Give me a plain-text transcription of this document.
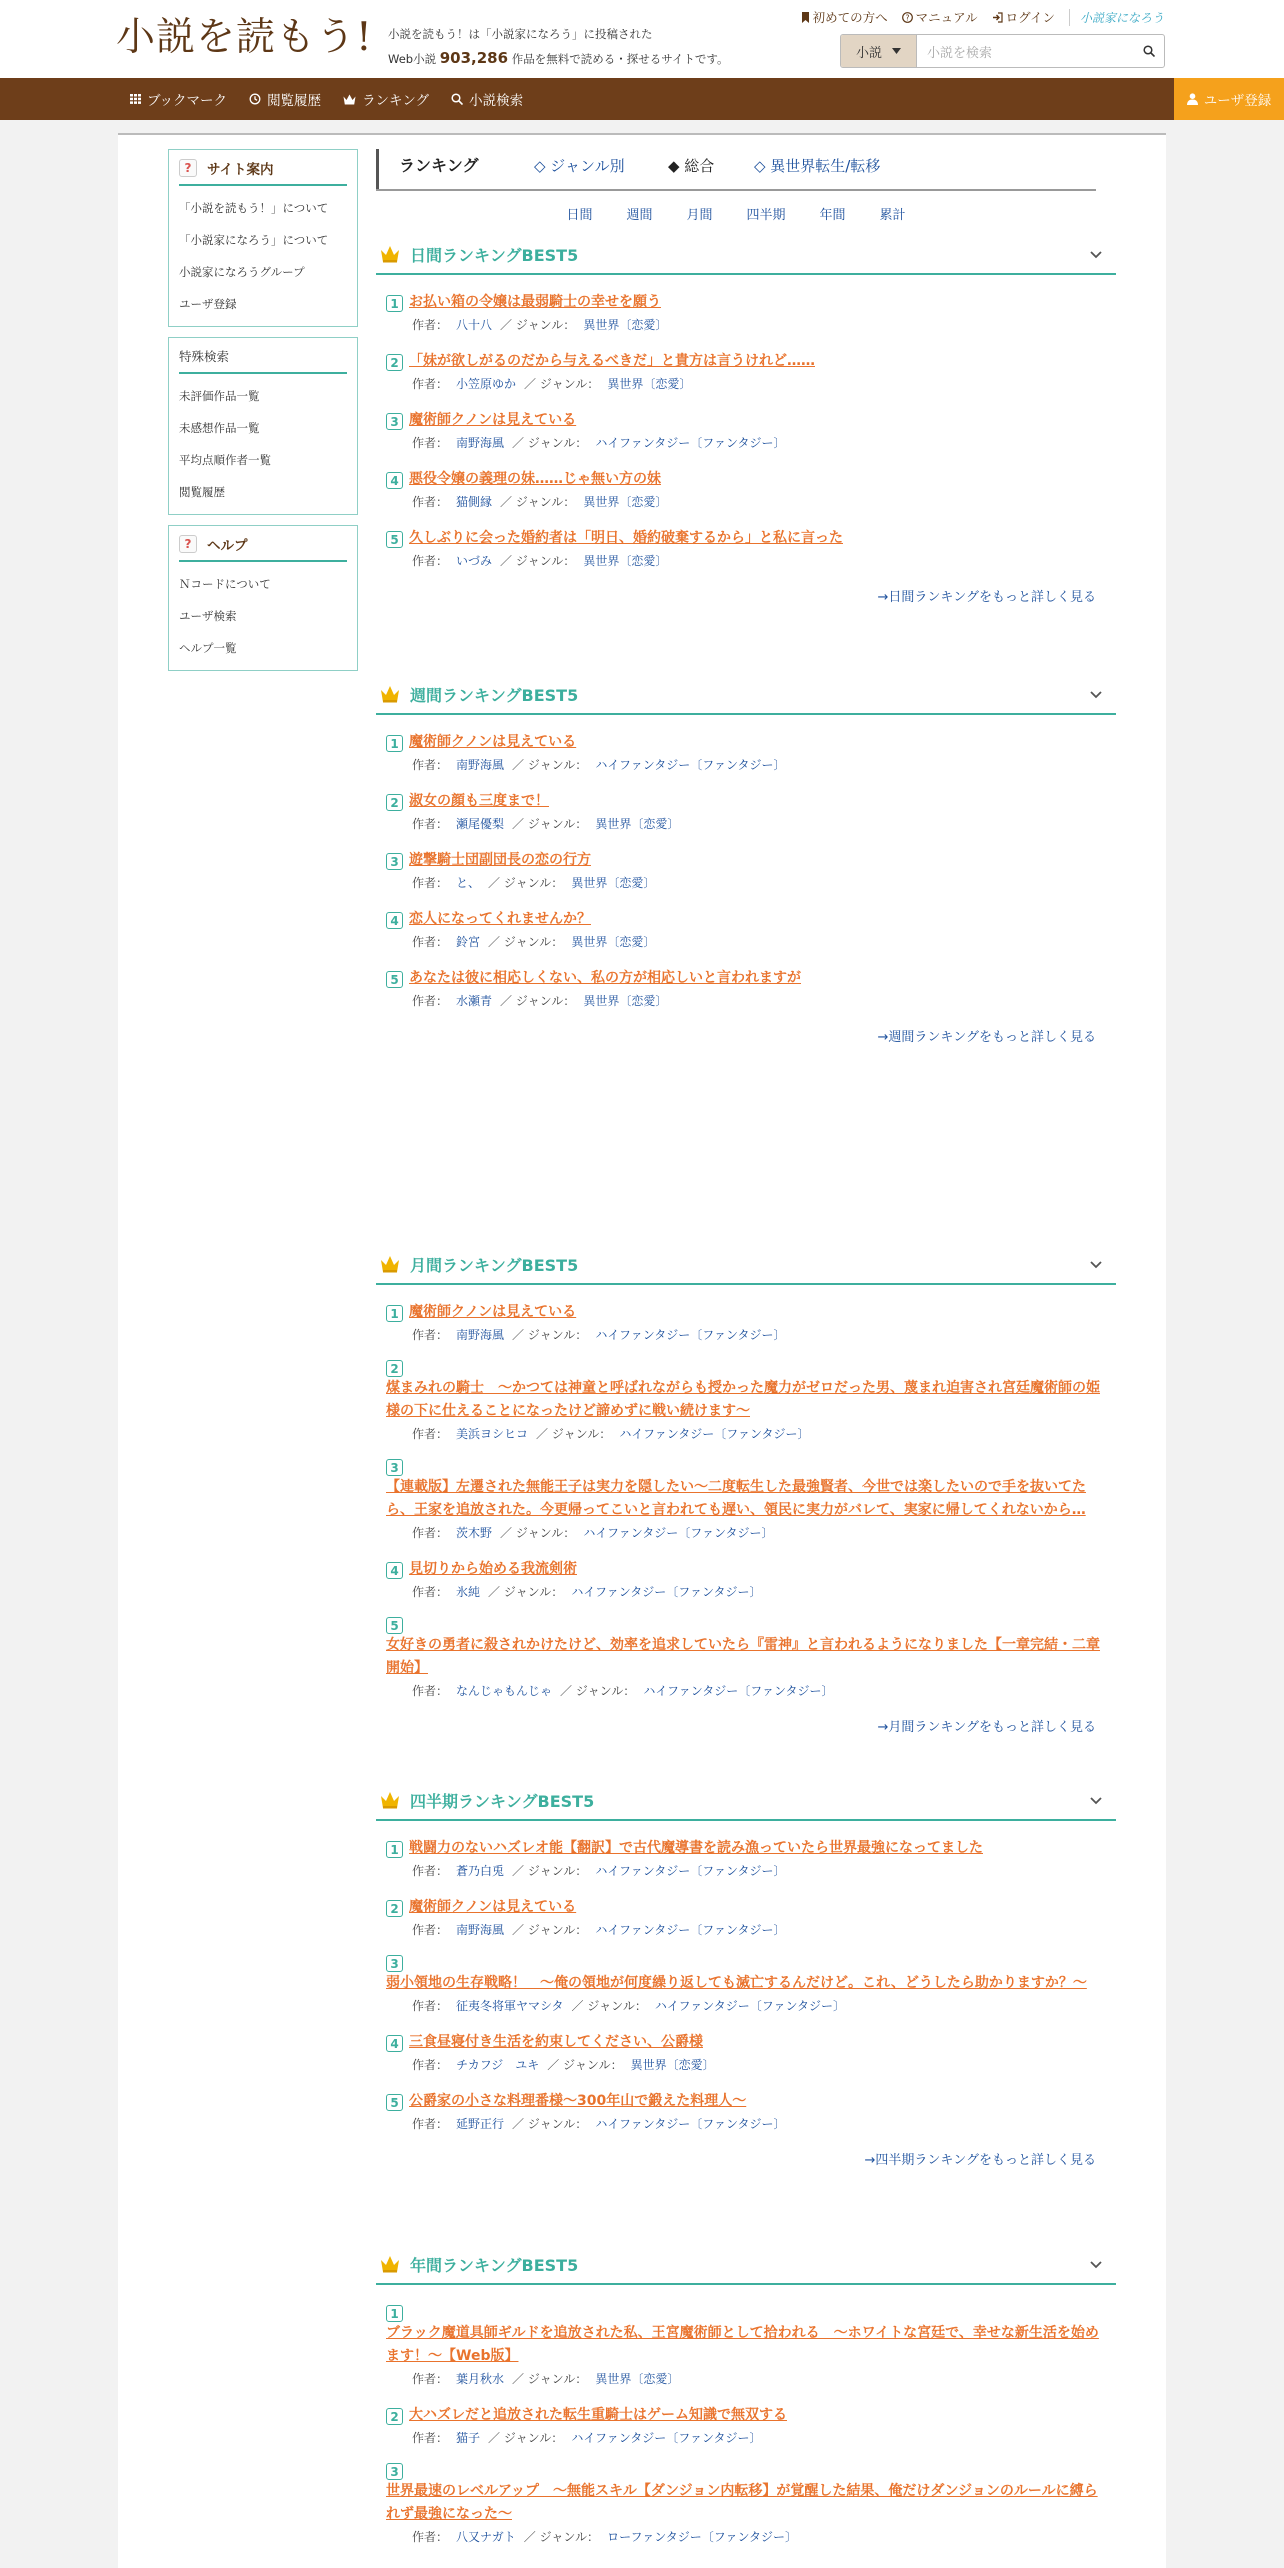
小説を読もう! 小説を読もう！は「小説家になろう」に投稿された
Web小説 903,286 作品を無料で読める・探せるサイトです。
初めての方へ ? マニュアル ログイン	小説家になろう
小説	小説を検索
ブックマーク	閲覧履歴	ランキング	小説検索	ユーザ登録
?	サイト案内
「小説を読もう！」について
「小説家になろう」について
小説家になろうグループ
ユーザ登録
特殊検索
未評価作品一覧
未感想作品一覧
平均点順作者一覧
閲覧履歴
?	ヘルプ
Ｎコードについて
ユーザ検索
ヘルプ一覧
ランキング	◇ ジャンル別	◆ 総合	◇ 異世界転生/転移
日間	週間	月間	四半期	年間	累計
日間ランキングBEST5
1 お払い箱の令嬢は最弱騎士の幸せを願う
作者： 八十八 ／ ジャンル： 異世界〔恋愛〕
2 「妹が欲しがるのだから与えるべきだ」と貴方は言うけれど……
作者： 小笠原ゆか ／ ジャンル： 異世界〔恋愛〕
3 魔術師クノンは見えている
作者： 南野海風 ／ ジャンル： ハイファンタジー〔ファンタジー〕
4 悪役令嬢の義理の妹……じゃ無い方の妹
作者： 猫側縁 ／ ジャンル： 異世界〔恋愛〕
5 久しぶりに会った婚約者は「明日、婚約破棄するから」と私に言った
作者： いづみ ／ ジャンル： 異世界〔恋愛〕
→日間ランキングをもっと詳しく見る
週間ランキングBEST5
1 魔術師クノンは見えている
作者： 南野海風 ／ ジャンル： ハイファンタジー〔ファンタジー〕
2 淑女の顔も三度まで！
作者： 瀬尾優梨 ／ ジャンル： 異世界〔恋愛〕
3 遊撃騎士団副団長の恋の行方
作者： と、 ／ ジャンル： 異世界〔恋愛〕
4 恋人になってくれませんか？
作者： 鈴宮 ／ ジャンル： 異世界〔恋愛〕
5 あなたは彼に相応しくない、私の方が相応しいと言われますが
作者： 水瀬青 ／ ジャンル： 異世界〔恋愛〕
→週間ランキングをもっと詳しく見る
月間ランキングBEST5
1 魔術師クノンは見えている
作者： 南野海風 ／ ジャンル： ハイファンタジー〔ファンタジー〕
2
煤まみれの騎士　～かつては神童と呼ばれながらも授かった魔力がゼロだった男、蔑まれ迫害され宮廷魔術師の姫様の下に仕えることになったけど諦めずに戦い続けます～
作者： 美浜ヨシヒコ ／ ジャンル： ハイファンタジー〔ファンタジー〕
3
【連載版】左遷された無能王子は実力を隠したい～二度転生した最強賢者、今世では楽したいので手を抜いてたら、王家を追放された。今更帰ってこいと言われても遅い、領民に実力がバレて、実家に帰してくれないから…
作者： 茨木野 ／ ジャンル： ハイファンタジー〔ファンタジー〕
4 見切りから始める我流剣術
作者： 氷純 ／ ジャンル： ハイファンタジー〔ファンタジー〕
5
女好きの勇者に殺されかけたけど、効率を追求していたら『雷神』と言われるようになりました【一章完結・二章開始】
作者： なんじゃもんじゃ ／ ジャンル： ハイファンタジー〔ファンタジー〕
→月間ランキングをもっと詳しく見る
四半期ランキングBEST5
1 戦闘力のないハズレオ能【翻訳】で古代魔導書を読み漁っていたら世界最強になってました
作者： 蒼乃白兎 ／ ジャンル： ハイファンタジー〔ファンタジー〕
2 魔術師クノンは見えている
作者： 南野海風 ／ ジャンル： ハイファンタジー〔ファンタジー〕
3
弱小領地の生存戦略！　～俺の領地が何度繰り返しても滅亡するんだけど。これ、どうしたら助かりますか？～
作者： 征夷冬将軍ヤマシタ ／ ジャンル： ハイファンタジー〔ファンタジー〕
4 三食昼寝付き生活を約束してください、公爵様
作者： チカフジ　ユキ ／ ジャンル： 異世界〔恋愛〕
5 公爵家の小さな料理番様～300年山で鍛えた料理人～
作者： 延野正行 ／ ジャンル： ハイファンタジー〔ファンタジー〕
→四半期ランキングをもっと詳しく見る
年間ランキングBEST5
1
ブラック魔道具師ギルドを追放された私、王宮魔術師として拾われる　～ホワイトな宮廷で、幸せな新生活を始めます！～【Web版】
作者： 葉月秋水 ／ ジャンル： 異世界〔恋愛〕
2 大ハズレだと追放された転生重騎士はゲーム知識で無双する
作者： 猫子 ／ ジャンル： ハイファンタジー〔ファンタジー〕
3
世界最速のレベルアップ　～無能スキル【ダンジョン内転移】が覚醒した結果、俺だけダンジョンのルールに縛られず最強になった～
作者： 八又ナガト ／ ジャンル： ローファンタジー〔ファンタジー〕
